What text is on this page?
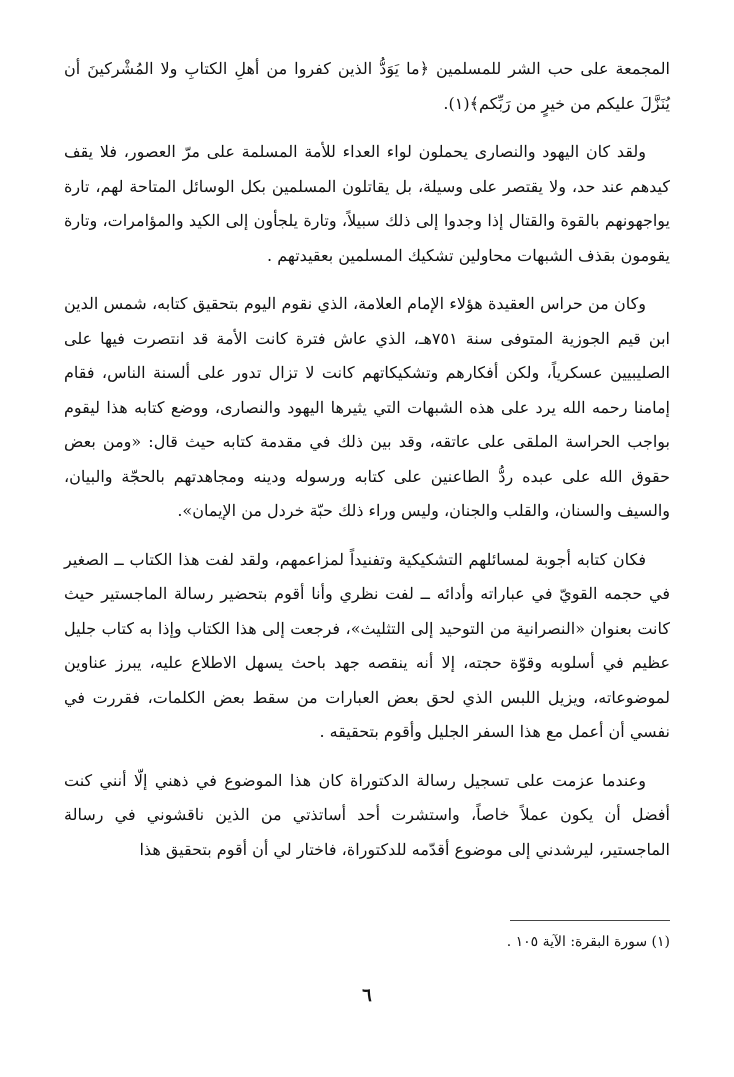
المجمعة على حب الشر للمسلمين ﴿ما يَوَدُّ الذين كفروا من أهلِ الكتابِ ولا المُشْركينَ أن يُنَزَّلَ عليكم من خيرٍ من رَبِّكم﴾(١).

ولقد كان اليهود والنصارى يحملون لواء العداء للأمة المسلمة على مرّ العصور، فلا يقف كيدهم عند حد، ولا يقتصر على وسيلة، بل يقاتلون المسلمين بكل الوسائل المتاحة لهم، تارة يواجهونهم بالقوة والقتال إذا وجدوا إلى ذلك سبيلاً، وتارة يلجأون إلى الكيد والمؤامرات، وتارة يقومون بقذف الشبهات محاولين تشكيك المسلمين بعقيدتهم .

وكان من حراس العقيدة هؤلاء الإمام العلامة، الذي نقوم اليوم بتحقيق كتابه، شمس الدين ابن قيم الجوزية المتوفى سنة ٧٥١هـ، الذي عاش فترة كانت الأمة قد انتصرت فيها على الصليبيين عسكرياً، ولكن أفكارهم وتشكيكاتهم كانت لا تزال تدور على ألسنة الناس، فقام إمامنا رحمه الله يرد على هذه الشبهات التي يثيرها اليهود والنصارى، ووضع كتابه هذا ليقوم بواجب الحراسة الملقى على عاتقه، وقد بين ذلك في مقدمة كتابه حيث قال: «ومن بعض حقوق الله على عبده ردُّ الطاعنين على كتابه ورسوله ودينه ومجاهدتهم بالحجّة والبيان، والسيف والسنان، والقلب والجنان، وليس وراء ذلك حبّة خردل من الإيمان».

فكان كتابه أجوبة لمسائلهم التشكيكية وتفنيداً لمزاعمهم، ولقد لفت هذا الكتاب ــ الصغير في حجمه القويّ في عباراته وأدائه ــ لفت نظري وأنا أقوم بتحضير رسالة الماجستير حيث كانت بعنوان «النصرانية من التوحيد إلى التثليث»، فرجعت إلى هذا الكتاب وإذا به كتاب جليل عظيم في أسلوبه وقوّة حجته، إلا أنه ينقصه جهد باحث يسهل الاطلاع عليه، يبرز عناوين لموضوعاته، ويزيل اللبس الذي لحق بعض العبارات من سقط بعض الكلمات، فقررت في نفسي أن أعمل مع هذا السفر الجليل وأقوم بتحقيقه .

وعندما عزمت على تسجيل رسالة الدكتوراة كان هذا الموضوع في ذهني إلّا أنني كنت أفضل أن يكون عملاً خاصاً، واستشرت أحد أساتذتي من الذين ناقشوني في رسالة الماجستير، ليرشدني إلى موضوع أقدّمه للدكتوراة، فاختار لي أن أقوم بتحقيق هذا

(١) سورة البقرة: الآية ١٠٥ .
٦
